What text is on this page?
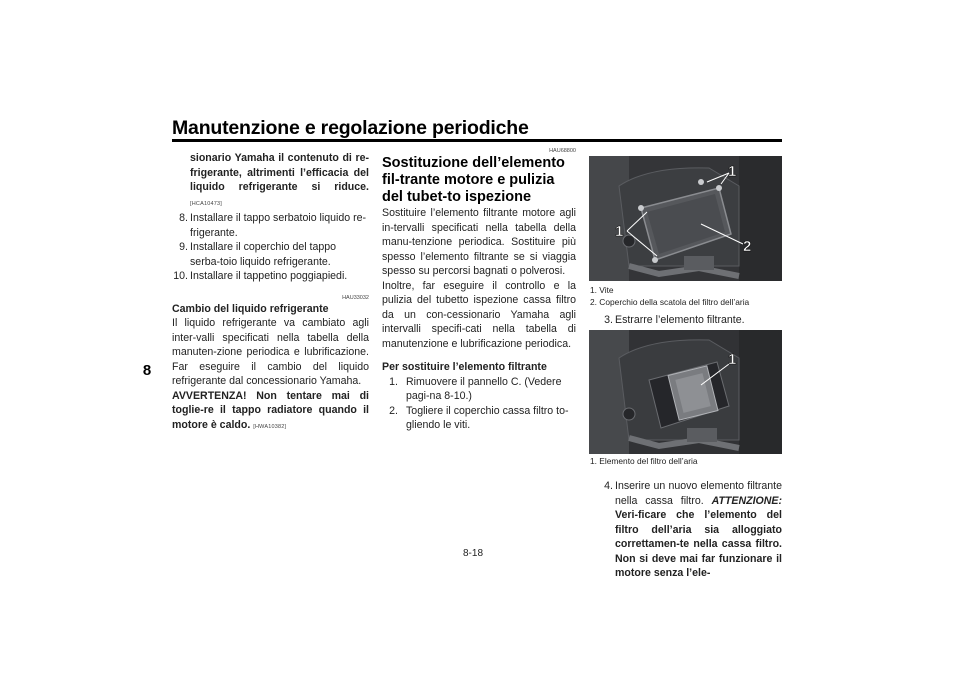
Manutenzione e regolazione periodiche
8

sionario Yamaha il contenuto di re-frigerante, altrimenti l’efficacia del liquido refrigerante si riduce. [HCA10473]

8. Installare il tappo serbatoio liquido re-frigerante.
9. Installare il coperchio del tappo serba-toio liquido refrigerante.
10. Installare il tappetino poggiapiedi.
HAU33032

Cambio del liquido refrigerante

Il liquido refrigerante va cambiato agli inter-valli specificati nella tabella della manuten-zione periodica e lubrificazione. Far eseguire il cambio del liquido refrigerante dal concessionario Yamaha.

AVVERTENZA! Non tentare mai di toglie-re il tappo radiatore quando il motore è caldo. [HWA10382]

HAU68800

Sostituzione dell’elemento fil-trante motore e pulizia del tubet-to ispezione

Sostituire l’elemento filtrante motore agli in-tervalli specificati nella tabella della manu-tenzione periodica. Sostituire più spesso l’elemento filtrante se si viaggia spesso su percorsi bagnati o polverosi.

Inoltre, far eseguire il controllo e la pulizia del tubetto ispezione cassa filtro da un con-cessionario Yamaha agli intervalli specifi-cati nella tabella di manutenzione e lubrificazione periodica.

Per sostituire l’elemento filtrante

1. Rimuovere il pannello C. (Vedere pagi-na 8-10.)
2. Togliere il coperchio cassa filtro to-gliendo le viti.
1
1
2
1. Vite
2. Coperchio della scatola del filtro dell’aria
3. Estrarre l’elemento filtrante.
1
1. Elemento del filtro dell’aria
4. Inserire un nuovo elemento filtrante nella cassa filtro. ATTENZIONE: Veri-ficare che l’elemento del filtro dell’aria sia alloggiato correttamen-te nella cassa filtro. Non si deve mai far funzionare il motore senza l’ele-
8-18
